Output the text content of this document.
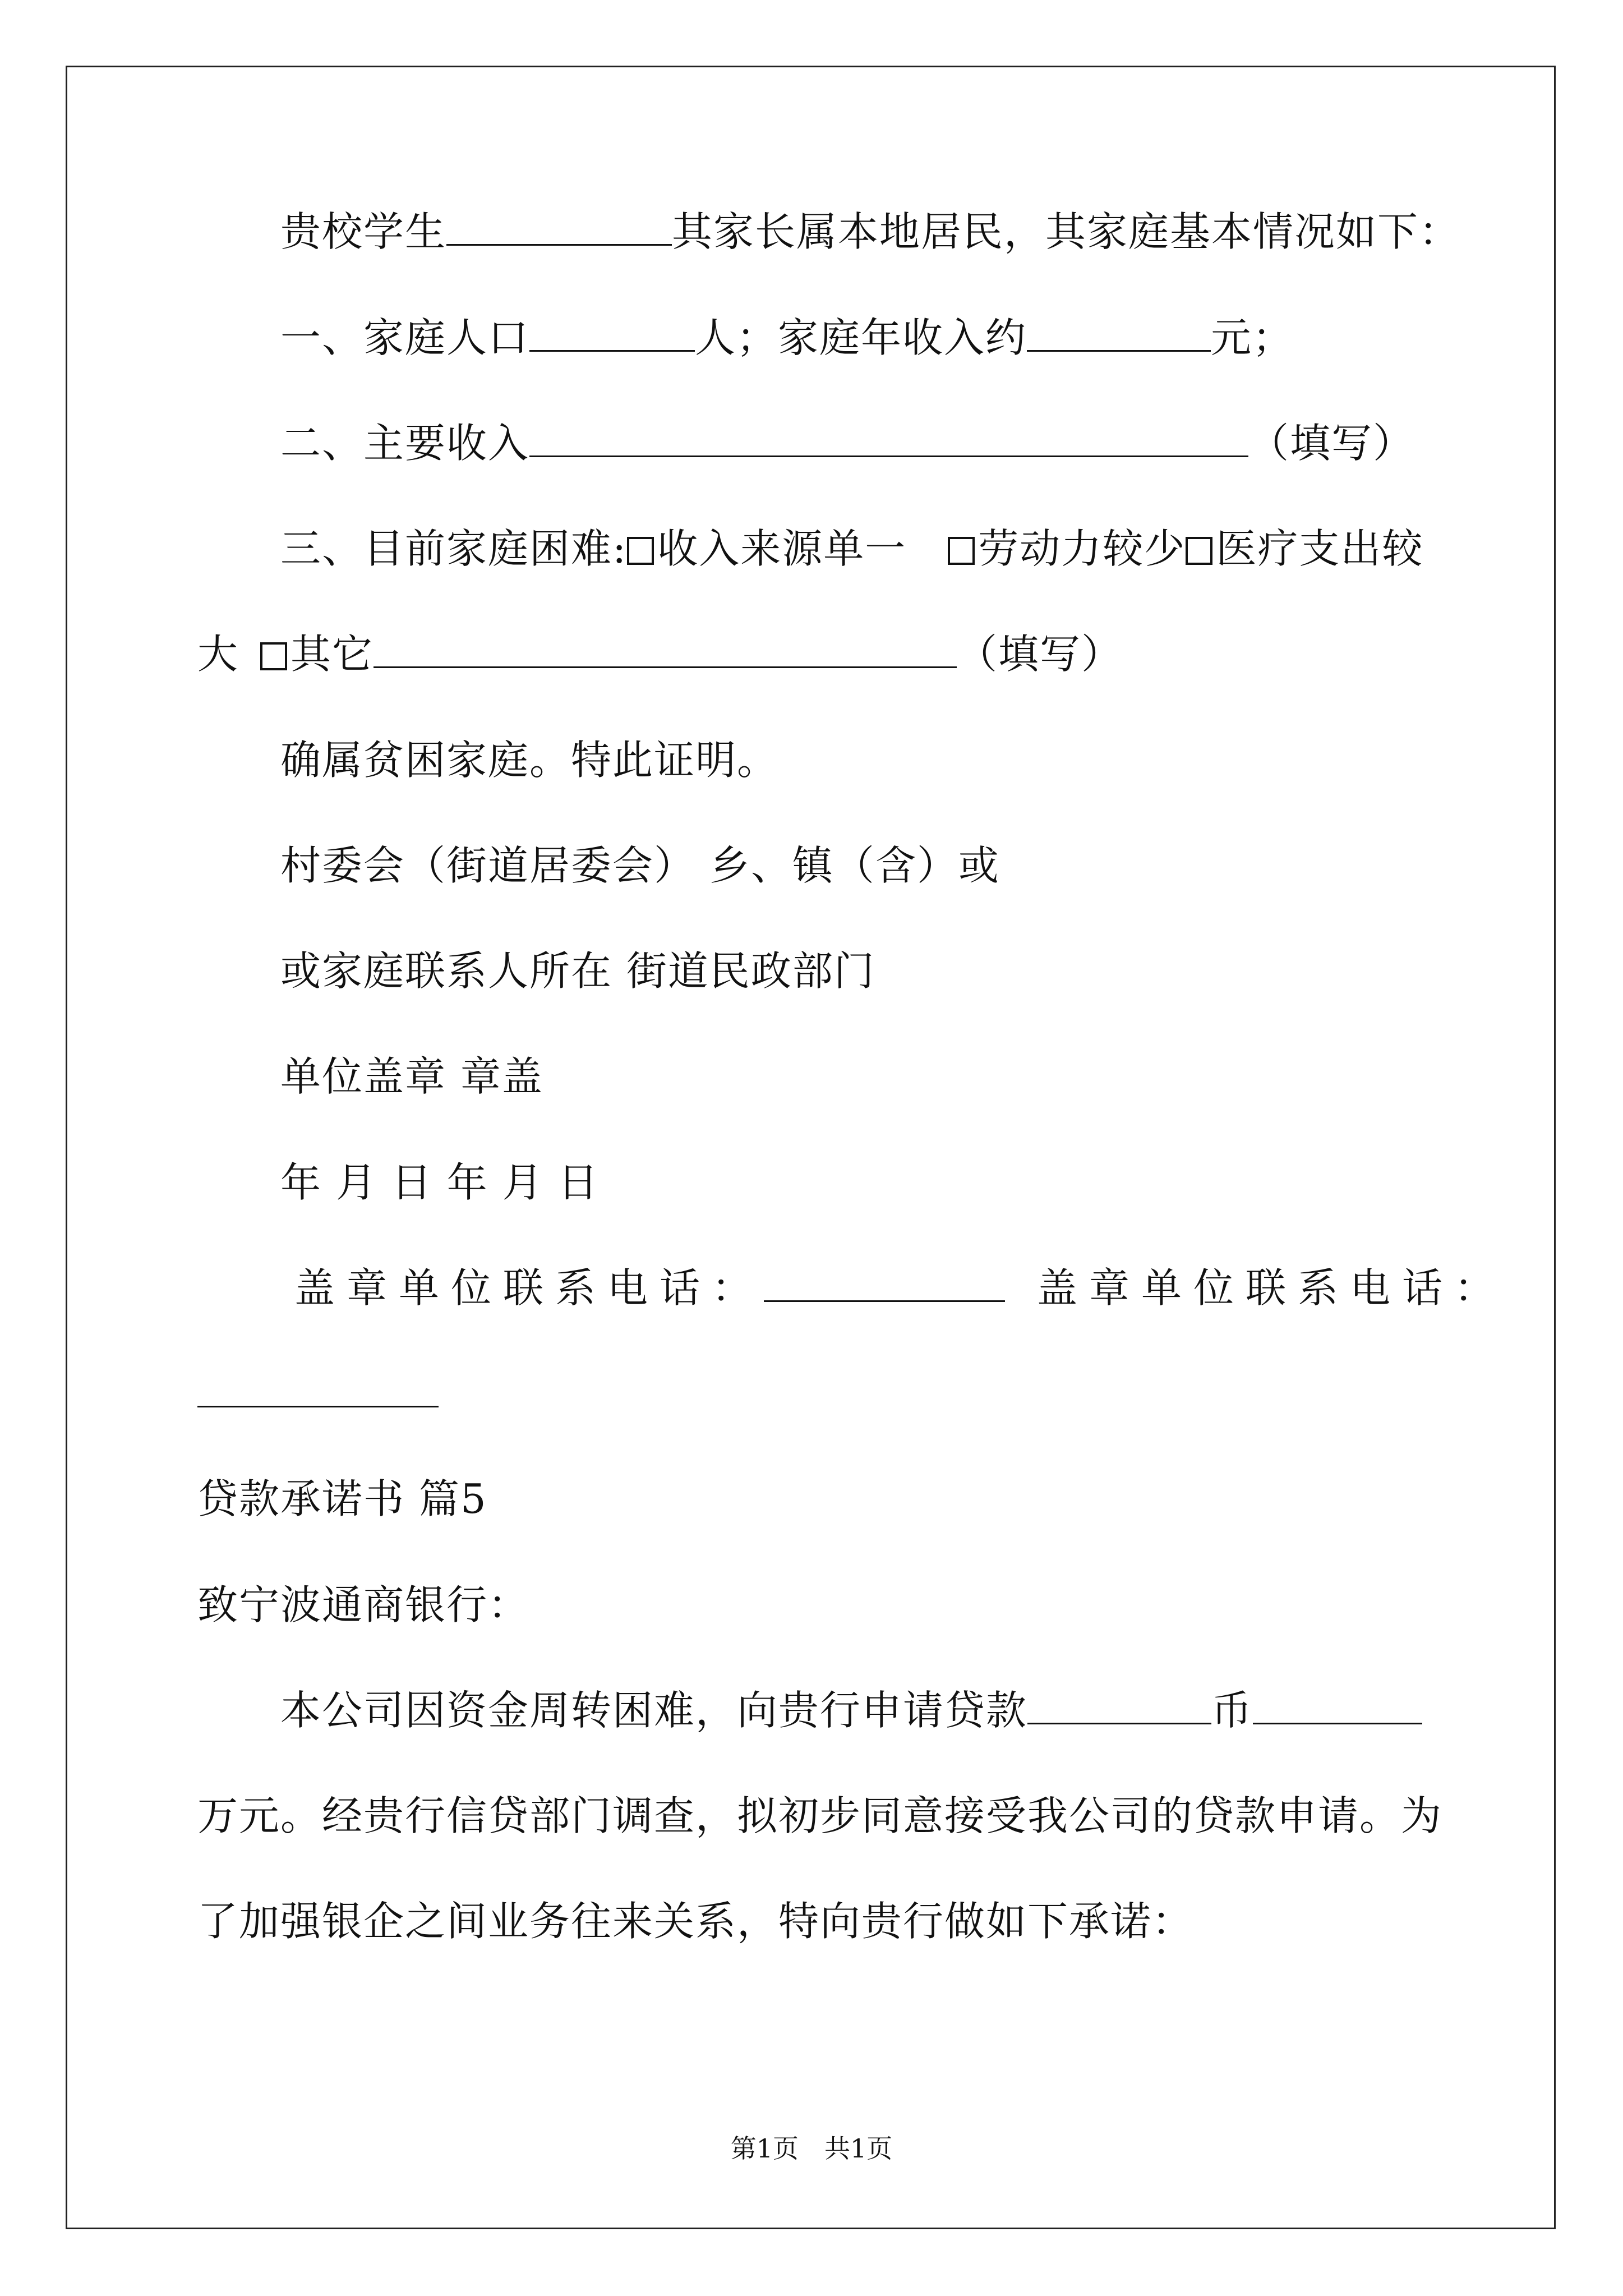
贵校学生	其家长属本地居民，其家庭基本情况如下：
一、家庭人口	人；家庭年收入约	元；
二、主要收入	（填写）
三、目前家庭困难: 收入来源单一　 劳动力较少 医疗支出较
大  其它	（填写）
确属贫困家庭。特此证明。
村委会（街道居委会） 乡、镇（含）或
或家庭联系人所在 街道民政部门
单位盖章 章盖
年 月 日 年 月 日
盖章单位联系电话： 	盖章单位联系电话：
贷款承诺书 篇5
致宁波通商银行：
本公司因资金周转困难，向贵行申请贷款	币
万元。经贵行信贷部门调查，拟初步同意接受我公司的贷款申请。为
了加强银企之间业务往来关系，特向贵行做如下承诺：
第1页　共1页
